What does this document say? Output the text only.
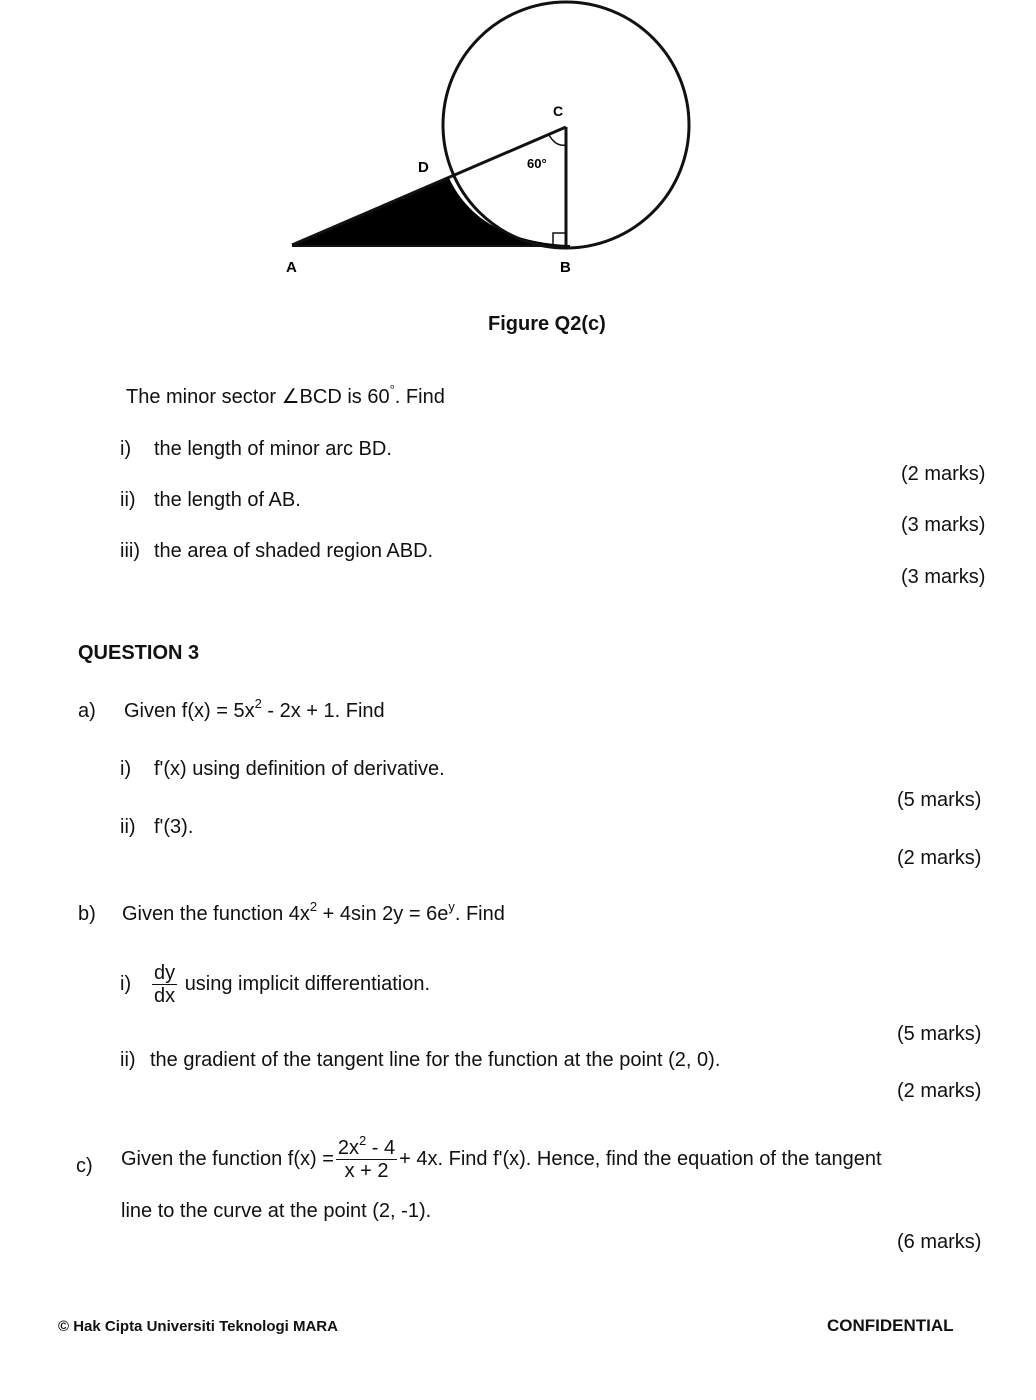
C
D	60°
A	B
Figure Q2(c)
The minor sector ∠BCD is 60°. Find
i) the length of minor arc BD.
(2 marks)
ii) the length of AB.
(3 marks)
iii) the area of shaded region ABD.
(3 marks)
QUESTION 3
a) Given $f(x) = 5x^2 - 2x + 1$. Find
i) f'(x) using definition of derivative.
(5 marks)
ii) f'(3).
(2 marks)
b) Given the function $4x^2 + 4\sin$ $2y = 6e^y$. Find
$i) \frac{dy}{dx}$ using implicit differentiation.
(5 marks)
ii) the gradient of the tangent line for the function at the point (2, 0).
(2 marks)
c) Given the function $f(x) = \frac{2x^2 - 4}{x + 2} + 4x$. Find f'(x). Hence, find the equation of the tangent
line to the curve at the point (2, -1).
(6 marks)
© Hak Cipta Universiti Teknologi MARA	CONFIDENTIAL
